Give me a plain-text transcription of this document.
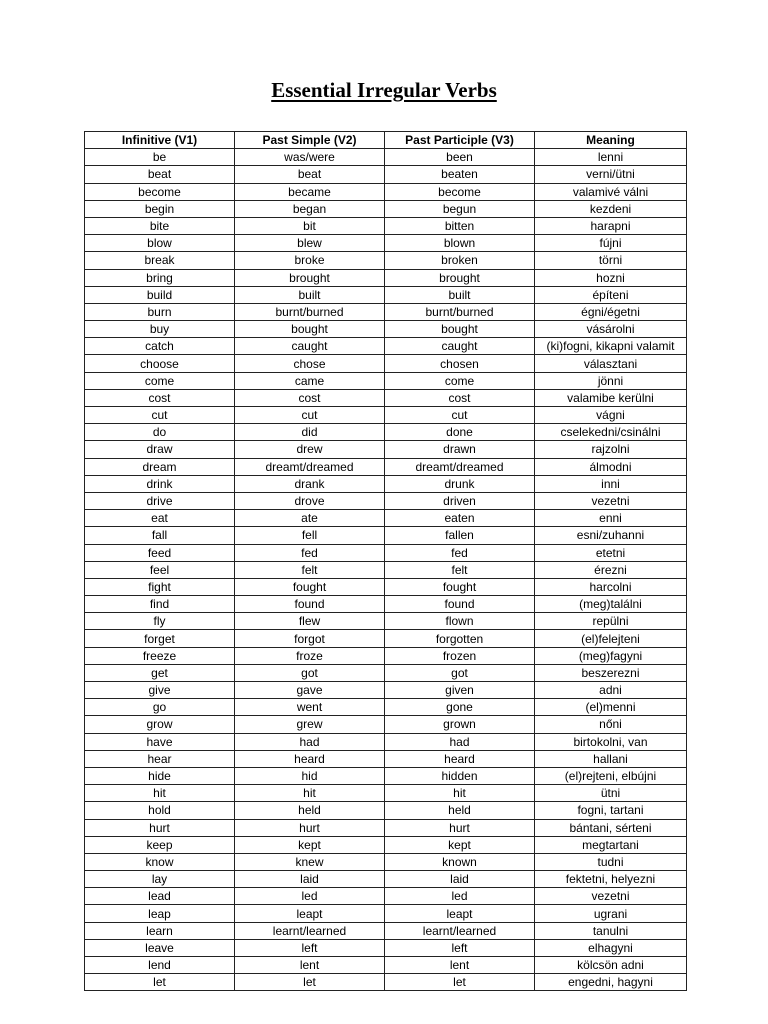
Essential Irregular Verbs
Infinitive (V1)	Past Simple (V2)	Past Participle (V3)	Meaning
be	was/were	been	lenni
beat	beat	beaten	verni/ütni
become	became	become	valamivé válni
begin	began	begun	kezdeni
bite	bit	bitten	harapni
blow	blew	blown	fújni
break	broke	broken	törni
bring	brought	brought	hozni
build	built	built	építeni
burn	burnt/burned	burnt/burned	égni/égetni
buy	bought	bought	vásárolni
catch	caught	caught	(ki)fogni, kikapni valamit
choose	chose	chosen	választani
come	came	come	jönni
cost	cost	cost	valamibe kerülni
cut	cut	cut	vágni
do	did	done	cselekedni/csinálni
draw	drew	drawn	rajzolni
dream	dreamt/dreamed	dreamt/dreamed	álmodni
drink	drank	drunk	inni
drive	drove	driven	vezetni
eat	ate	eaten	enni
fall	fell	fallen	esni/zuhanni
feed	fed	fed	etetni
feel	felt	felt	érezni
fight	fought	fought	harcolni
find	found	found	(meg)találni
fly	flew	flown	repülni
forget	forgot	forgotten	(el)felejteni
freeze	froze	frozen	(meg)fagyni
get	got	got	beszerezni
give	gave	given	adni
go	went	gone	(el)menni
grow	grew	grown	nőni
have	had	had	birtokolni, van
hear	heard	heard	hallani
hide	hid	hidden	(el)rejteni, elbújni
hit	hit	hit	ütni
hold	held	held	fogni, tartani
hurt	hurt	hurt	bántani, sérteni
keep	kept	kept	megtartani
know	knew	known	tudni
lay	laid	laid	fektetni, helyezni
lead	led	led	vezetni
leap	leapt	leapt	ugrani
learn	learnt/learned	learnt/learned	tanulni
leave	left	left	elhagyni
lend	lent	lent	kölcsön adni
let	let	let	engedni, hagyni
